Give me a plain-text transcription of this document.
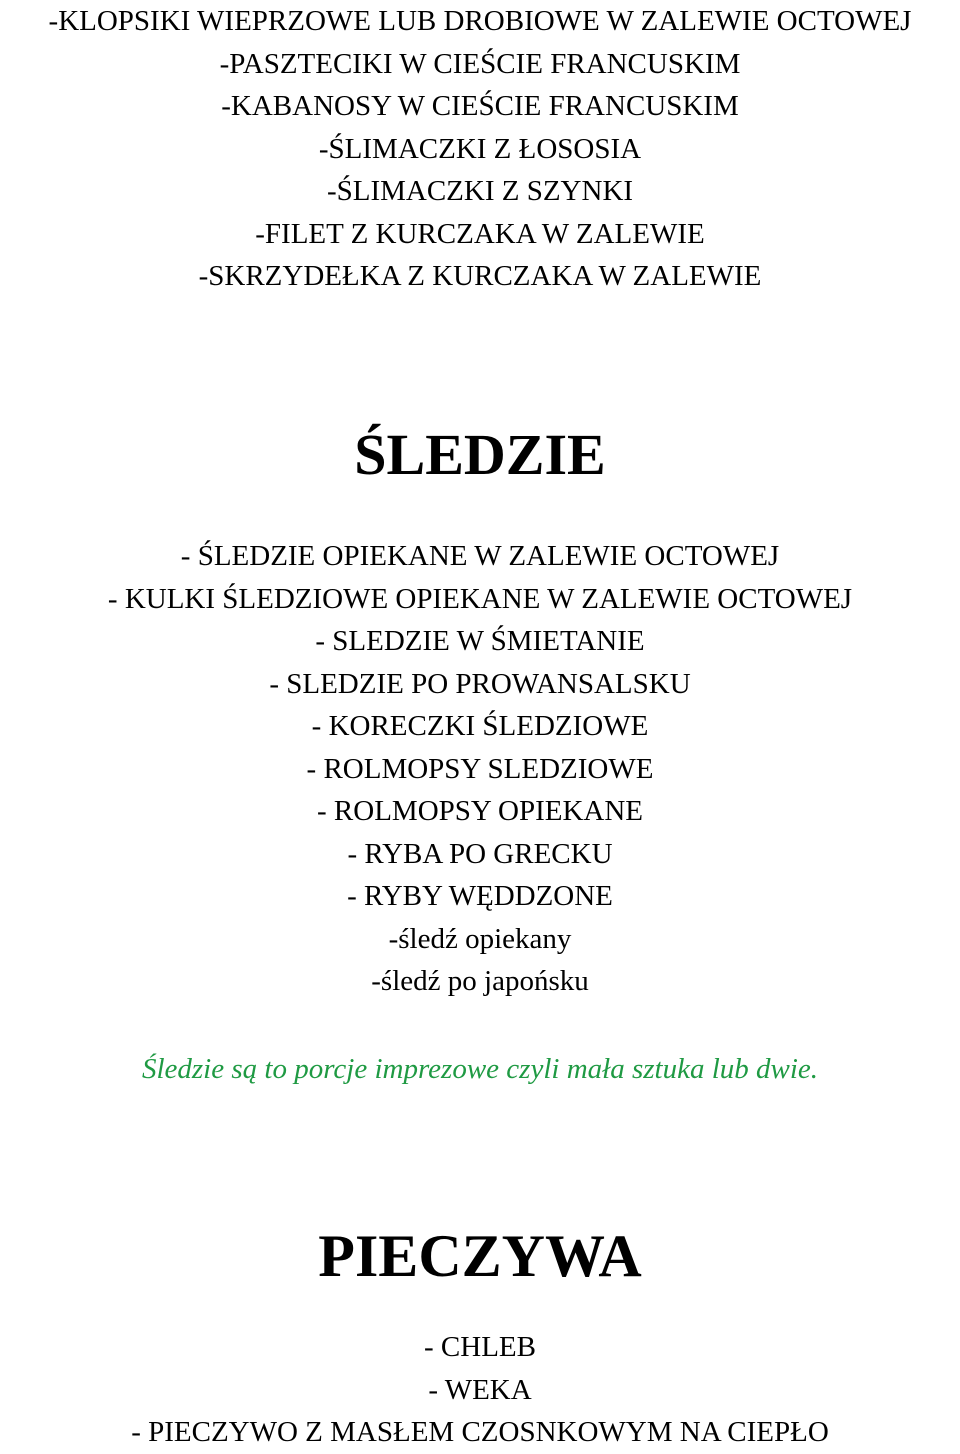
-KLOPSIKI WIEPRZOWE LUB DROBIOWE W ZALEWIE OCTOWEJ
-PASZTECIKI W CIEŚCIE FRANCUSKIM
-KABANOSY W CIEŚCIE FRANCUSKIM
-ŚLIMACZKI Z ŁOSOSIA
-ŚLIMACZKI Z SZYNKI
-FILET Z KURCZAKA W ZALEWIE
-SKRZYDEŁKA Z KURCZAKA W ZALEWIE
ŚLEDZIE
- ŚLEDZIE OPIEKANE W ZALEWIE OCTOWEJ
- KULKI ŚLEDZIOWE OPIEKANE W ZALEWIE OCTOWEJ
- SLEDZIE W ŚMIETANIE
- SLEDZIE PO PROWANSALSKU
- KORECZKI ŚLEDZIOWE
- ROLMOPSY SLEDZIOWE
- ROLMOPSY OPIEKANE
- RYBA PO GRECKU
- RYBY WĘDDZONE
-śledź opiekany
-śledź po japońsku
Śledzie są to porcje imprezowe czyli mała sztuka lub dwie.
PIECZYWA
- CHLEB
- WEKA
- PIECZYWO Z MASŁEM CZOSNKOWYM NA CIEPŁO
